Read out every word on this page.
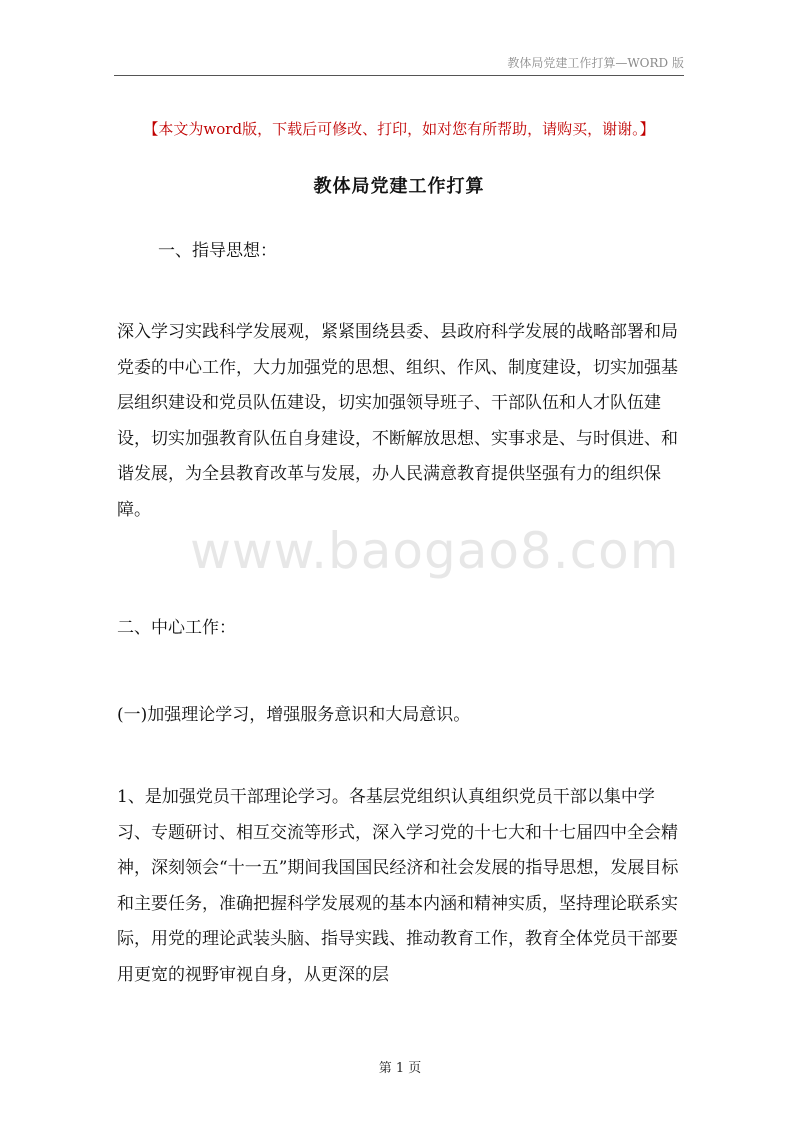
教体局党建工作打算—WORD 版
【本文为word版，下载后可修改、打印，如对您有所帮助，请购买，谢谢。】
教体局党建工作打算
一、指导思想：

深入学习实践科学发展观，紧紧围绕县委、县政府科学发展的战略部署和局党委的中心工作，大力加强党的思想、组织、作风、制度建设，切实加强基层组织建设和党员队伍建设，切实加强领导班子、干部队伍和人才队伍建设，切实加强教育队伍自身建设，不断解放思想、实事求是、与时俱进、和谐发展，为全县教育改革与发展，办人民满意教育提供坚强有力的组织保障。

www.baogao8.com
二、中心工作：
(一)加强理论学习，增强服务意识和大局意识。

1、是加强党员干部理论学习。各基层党组织认真组织党员干部以集中学习、专题研讨、相互交流等形式，深入学习党的十七大和十七届四中全会精神，深刻领会“十一五”期间我国国民经济和社会发展的指导思想，发展目标和主要任务，准确把握科学发展观的基本内涵和精神实质，坚持理论联系实际，用党的理论武装头脑、指导实践、推动教育工作，教育全体党员干部要用更宽的视野审视自身，从更深的层

第 1 页
